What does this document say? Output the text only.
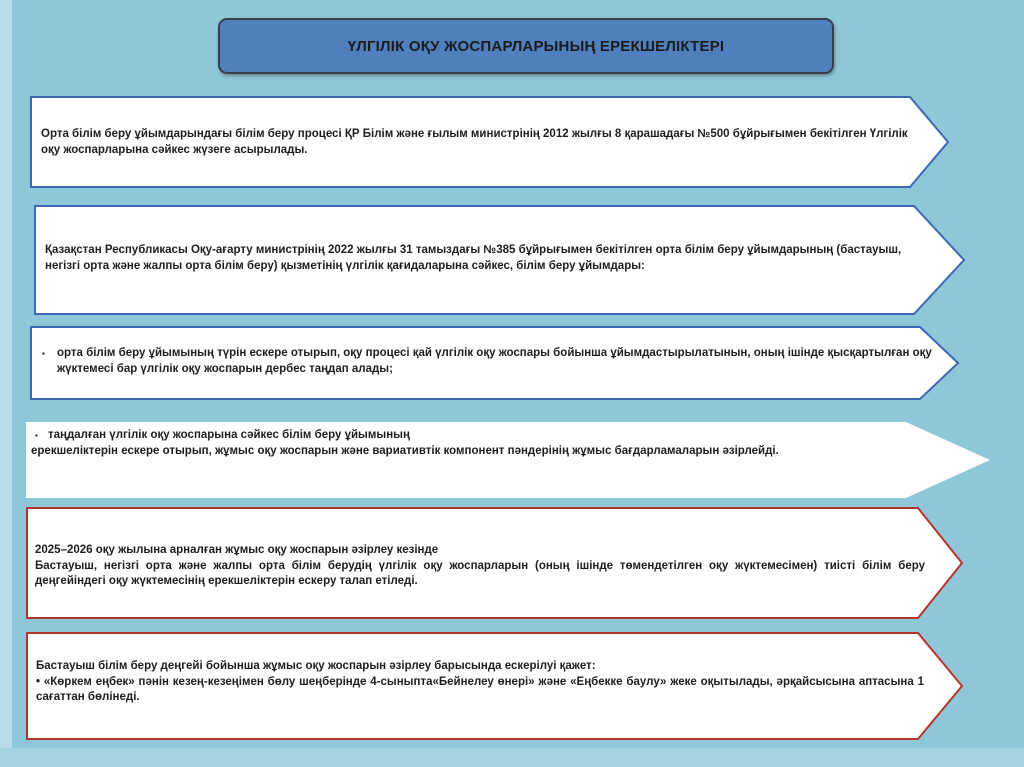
ҮЛГІЛІК ОҚУ ЖОСПАРЛАРЫНЫҢ ЕРЕКШЕЛІКТЕРІ

Орта білім беру ұйымдарындағы білім беру процесі ҚР Білім және ғылым министрінің 2012 жылғы 8 қарашадағы №500 бұйрығымен бекітілген Үлгілік оқу жоспарларына сәйкес жүзеге асырылады.

Қазақстан Республикасы Оқу-ағарту министрінің 2022 жылғы 31 тамыздағы №385 бұйрығымен бекітілген орта білім беру ұйымдарының (бастауыш, негізгі орта және жалпы орта білім беру) қызметінің үлгілік қағидаларына сәйкес, білім беру ұйымдары:

▪	орта білім беру ұйымының түрін ескере отырып, оқу процесі қай үлгілік оқу жоспары бойынша ұйымдастырылатынын, оның ішінде қысқартылған оқу жүктемесі бар үлгілік оқу жоспарын дербес таңдап алады;
▪ таңдалған үлгілік оқу жоспарына сәйкес білім беру ұйымының

ерекшеліктерін ескере отырып, жұмыс оқу жоспарын және вариативтік компонент пәндерінің жұмыс бағдарламаларын әзірлейді.

2025–2026 оқу жылына арналған жұмыс оқу жоспарын әзірлеу кезінде

Бастауыш, негізгі орта және жалпы орта білім берудің үлгілік оқу жоспарларын (оның ішінде төмендетілген оқу жүктемесімен) тиісті білім беру деңгейіндегі оқу жүктемесінің ерекшеліктерін ескеру талап етіледі.

Бастауыш білім беру деңгейі бойынша жұмыс оқу жоспарын әзірлеу барысында ескерілуі қажет:

• «Көркем еңбек» пәнін кезең-кезеңімен бөлу шеңберінде 4-сыныпта«Бейнелеу өнері» және «Еңбекке баулу» жеке оқытылады, әрқайсысына аптасына 1 сағаттан бөлінеді.
